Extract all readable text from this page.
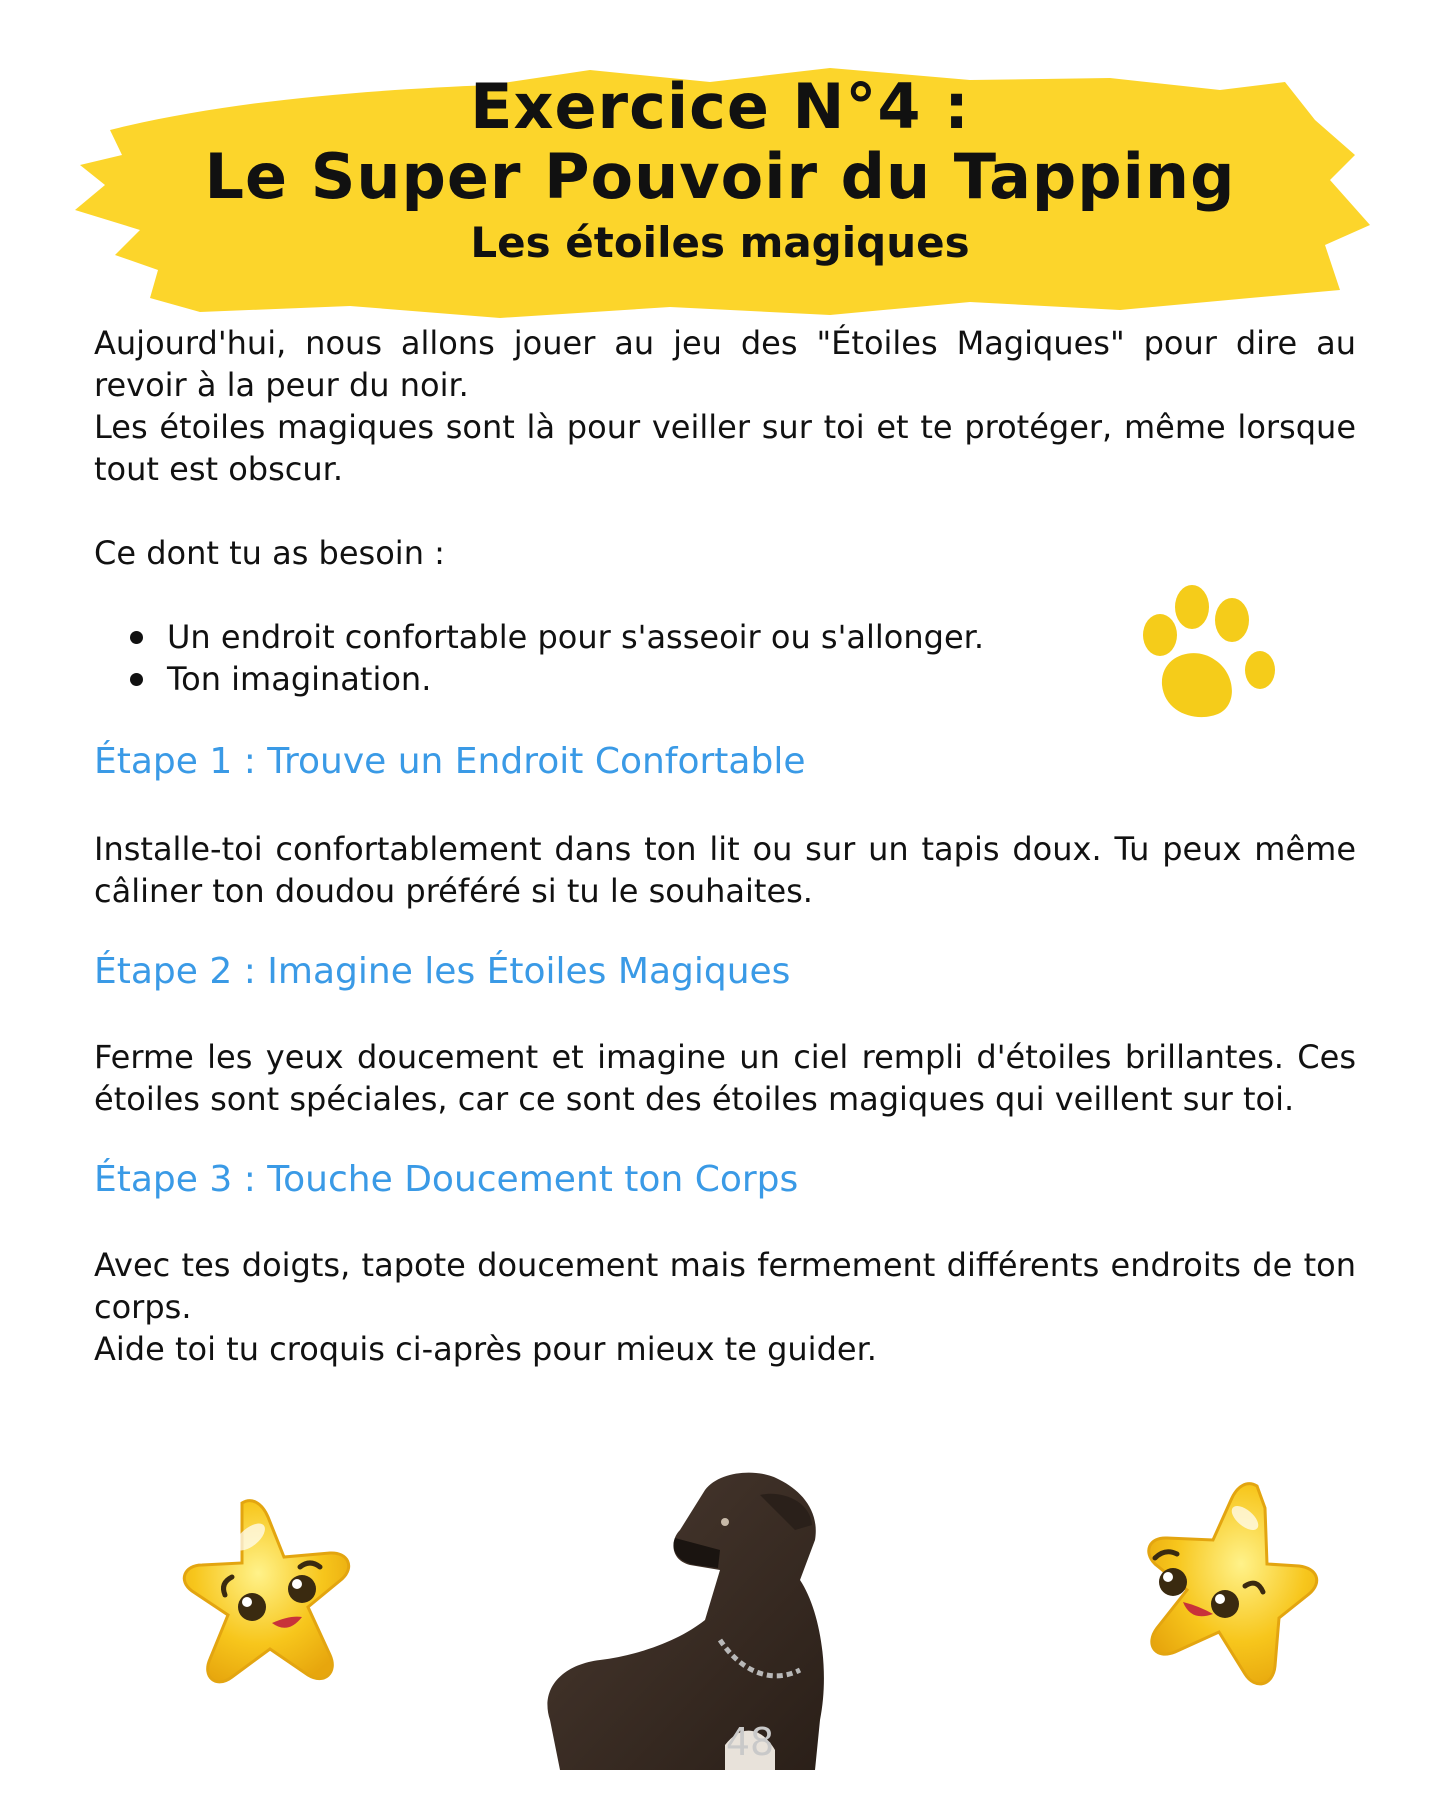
Exercice N°4 :
Le Super Pouvoir du Tapping
Les étoiles magiques

Aujourd'hui, nous allons jouer au jeu des "Étoiles Magiques" pour dire au revoir à la peur du noir.

Les étoiles magiques sont là pour veiller sur toi et te protéger, même lorsque tout est obscur.

Ce dont tu as besoin :

Un endroit confortable pour s'asseoir ou s'allonger.
Ton imagination.

Étape 1 : Trouve un Endroit Confortable

Installe-toi confortablement dans ton lit ou sur un tapis doux. Tu peux même câliner ton doudou préféré si tu le souhaites.

Étape 2 : Imagine les Étoiles Magiques

Ferme les yeux doucement et imagine un ciel rempli d'étoiles brillantes. Ces étoiles sont spéciales, car ce sont des étoiles magiques qui veillent sur toi.

Étape 3 : Touche Doucement ton Corps

Avec tes doigts, tapote doucement mais fermement différents endroits de ton corps.

Aide toi tu croquis ci-après pour mieux te guider.

48
